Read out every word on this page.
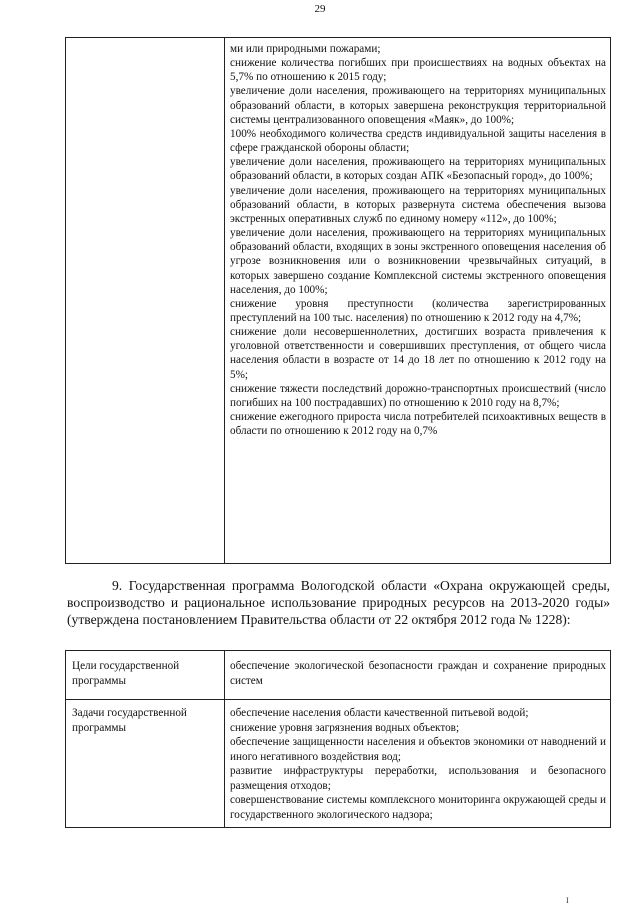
29

ми или природными пожарами;

снижение количества погибших при происшествиях на водных объектах на 5,7% по отношению к 2015 году;

увеличение доли населения, проживающего на территориях муниципальных образований области, в которых завершена реконструкция территориальной системы централизованного оповещения «Маяк», до 100%;

100% необходимого количества средств индивидуальной защиты населения в сфере гражданской обороны области;

увеличение доли населения, проживающего на территориях муниципальных образований области, в которых создан АПК «Безопасный город», до 100%;

увеличение доли населения, проживающего на территориях муниципальных образований области, в которых развернута система обеспечения вызова экстренных оперативных служб по единому номеру «112», до 100%;

увеличение доли населения, проживающего на территориях муниципальных образований области, входящих в зоны экстренного оповещения населения об угрозе возникновения или о возникновении чрезвычайных ситуаций, в которых завершено создание Комплексной системы экстренного оповещения населения, до 100%;

снижение уровня преступности (количества зарегистрированных преступлений на 100 тыс. населения) по отношению к 2012 году на 4,7%;

снижение доли несовершеннолетних, достигших возраста привлечения к уголовной ответственности и совершивших преступления, от общего числа населения области в возрасте от 14 до 18 лет по отношению к 2012 году на 5%;

снижение тяжести последствий дорожно-транспортных происшествий (число погибших на 100 пострадавших) по отношению к 2010 году на 8,7%;

снижение ежегодного прироста числа потребителей психоактивных веществ в области по отношению к 2012 году на 0,7%

9. Государственная программа Вологодской области «Охрана окружающей среды, воспроизводство и рациональное использование природных ресурсов на 2013-2020 годы» (утверждена постановлением Правительства области от 22 октября 2012 года № 1228):

Цели государственной программы
обеспечение экологической безопасности граждан и сохранение природных систем
Задачи государственной программы

обеспечение населения области качественной питьевой водой;

снижение уровня загрязнения водных объектов;

обеспечение защищенности населения и объектов экономики от наводнений и иного негативного воздействия вод;

развитие инфраструктуры переработки, использования и безопасного размещения отходов;

совершенствование системы комплексного мониторинга окружающей среды и государственного экологического надзора;

I
